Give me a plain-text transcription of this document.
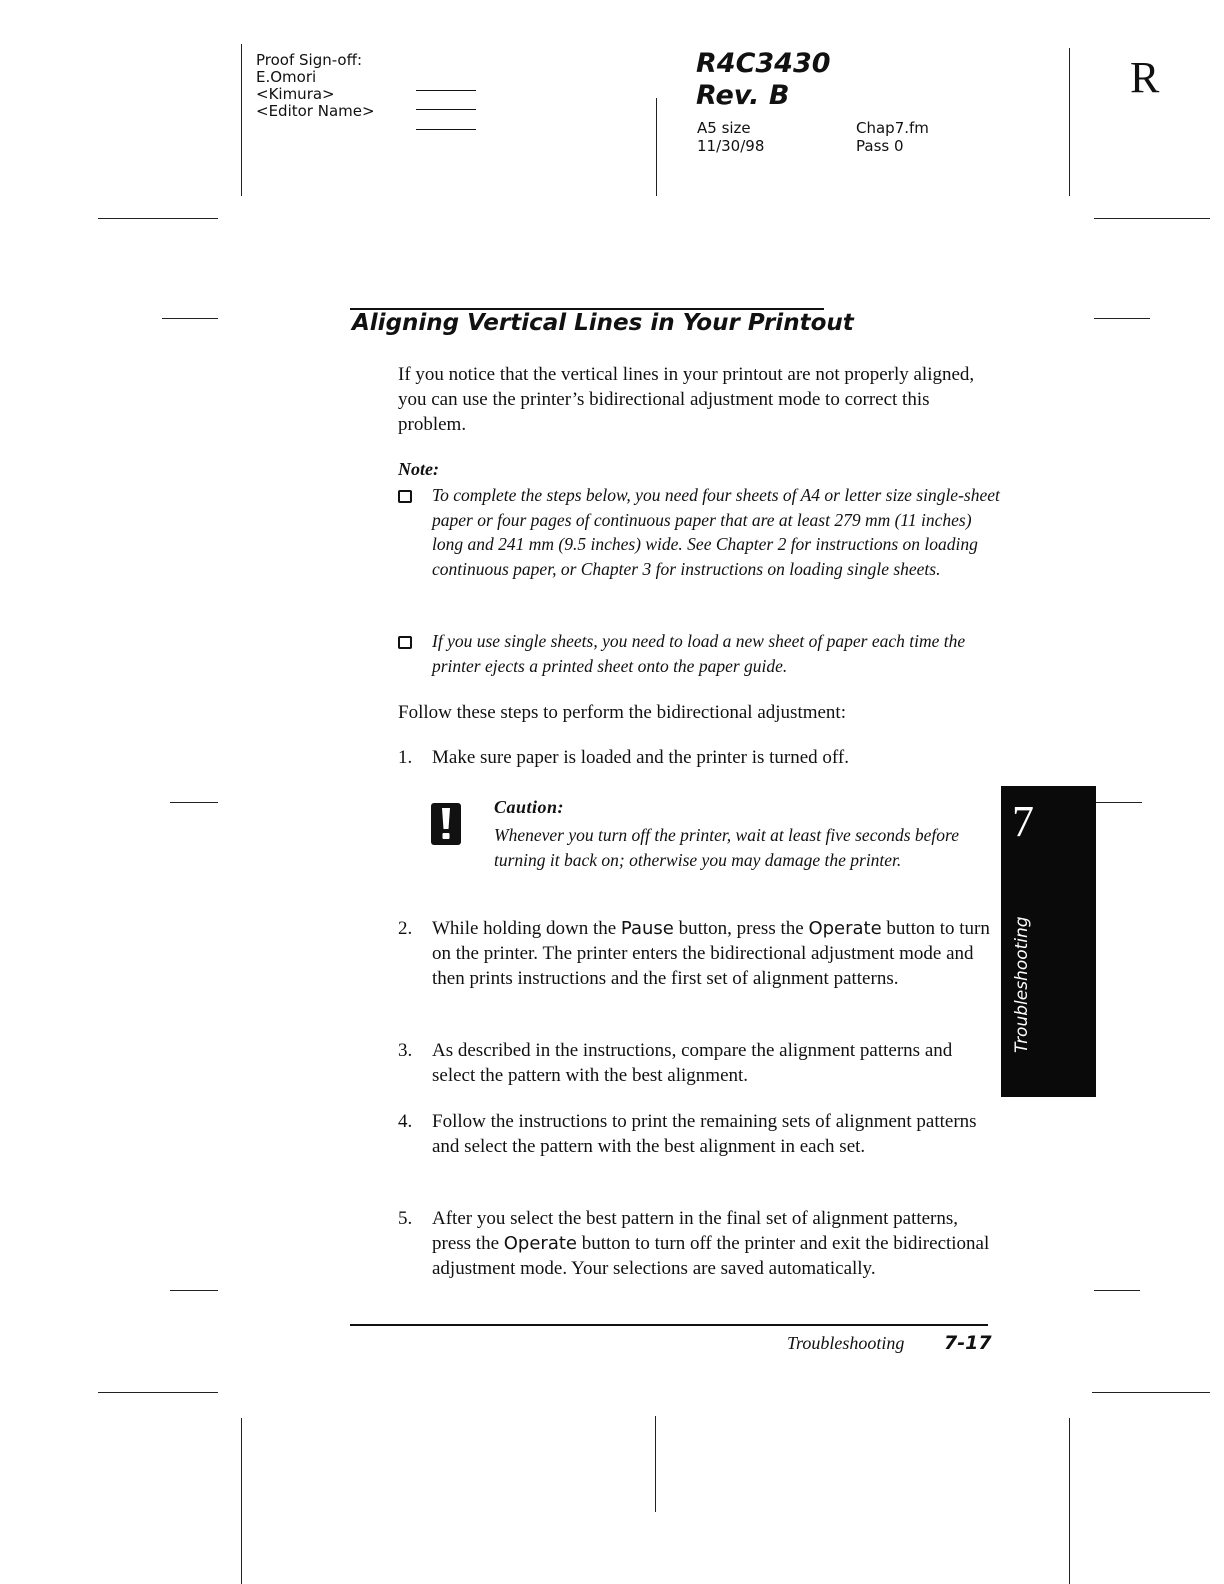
Proof Sign-off:
E.Omori
<Kimura>
<Editor Name>
R4C3430
Rev. B
A5 size
11/30/98
Chap7.fm
Pass 0
R
Aligning Vertical Lines in Your Printout
If you notice that the vertical lines in your printout are not properly aligned, you can use the printer’s bidirectional adjustment mode to correct this problem.
Note:
To complete the steps below, you need four sheets of A4 or letter size single-sheet paper or four pages of continuous paper that are at least 279 mm (11 inches) long and 241 mm (9.5 inches) wide. See Chapter 2 for instructions on loading continuous paper, or Chapter 3 for instructions on loading single sheets.
If you use single sheets, you need to load a new sheet of paper each time the printer ejects a printed sheet onto the paper guide.
Follow these steps to perform the bidirectional adjustment:
1. Make sure paper is loaded and the printer is turned off.
Caution:
Whenever you turn off the printer, wait at least five seconds before turning it back on; otherwise you may damage the printer.
2. While holding down the Pause button, press the Operate button to turn on the printer. The printer enters the bidirectional adjustment mode and then prints instructions and the first set of alignment patterns.
3. As described in the instructions, compare the alignment patterns and select the pattern with the best alignment.
4. Follow the instructions to print the remaining sets of alignment patterns and select the pattern with the best alignment in each set.
5. After you select the best pattern in the final set of alignment patterns, press the Operate button to turn off the printer and exit the bidirectional adjustment mode. Your selections are saved automatically.
7
Troubleshooting
Troubleshooting 7-17
